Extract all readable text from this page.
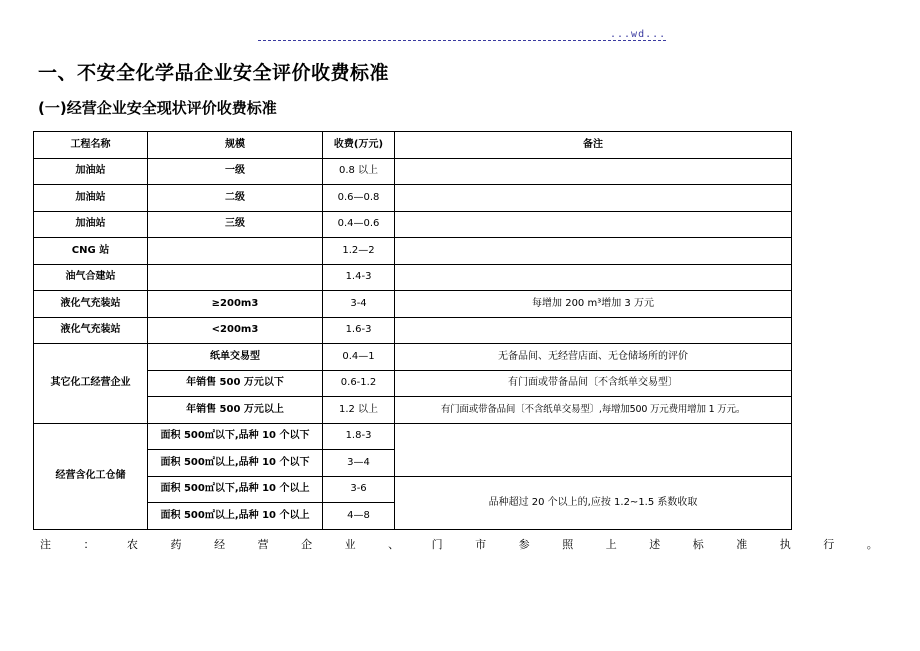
...wd...
一、不安全化学品企业安全评价收费标准
(一)经营企业安全现状评价收费标准
工程名称	规模	收费(万元)	备注
加油站	一级	0.8 以上	
加油站	二级	0.6—0.8	
加油站	三级	0.4—0.6	
CNG 站		1.2—2	
油气合建站		1.4-3	
液化气充装站	≥200m3	3-4	每增加 200 m³增加 3 万元
液化气充装站	<200m3	1.6-3	
其它化工经营企业	纸单交易型	0.4—1	无备品间、无经营店面、无仓储场所的评价
	年销售 500 万元以下	0.6-1.2	有门面或带备品间〔不含纸单交易型〕
	年销售 500 万元以上	1.2 以上	有门面或带备品间〔不含纸单交易型〕,每增加500 万元费用增加 1 万元。
经营含化工仓储	面积 500㎡以下,品种 10 个以下	1.8-3	
	面积 500㎡以上,品种 10 个以下	3—4	
	面积 500㎡以下,品种 10 个以上	3-6	品种超过 20 个以上的,应按 1.2~1.5 系数收取
	面积 500㎡以上,品种 10 个以上	4—8	
注	：	农	药	经	营	企	业	、	门	市	参	照	上	述	标	准	执	行	。
